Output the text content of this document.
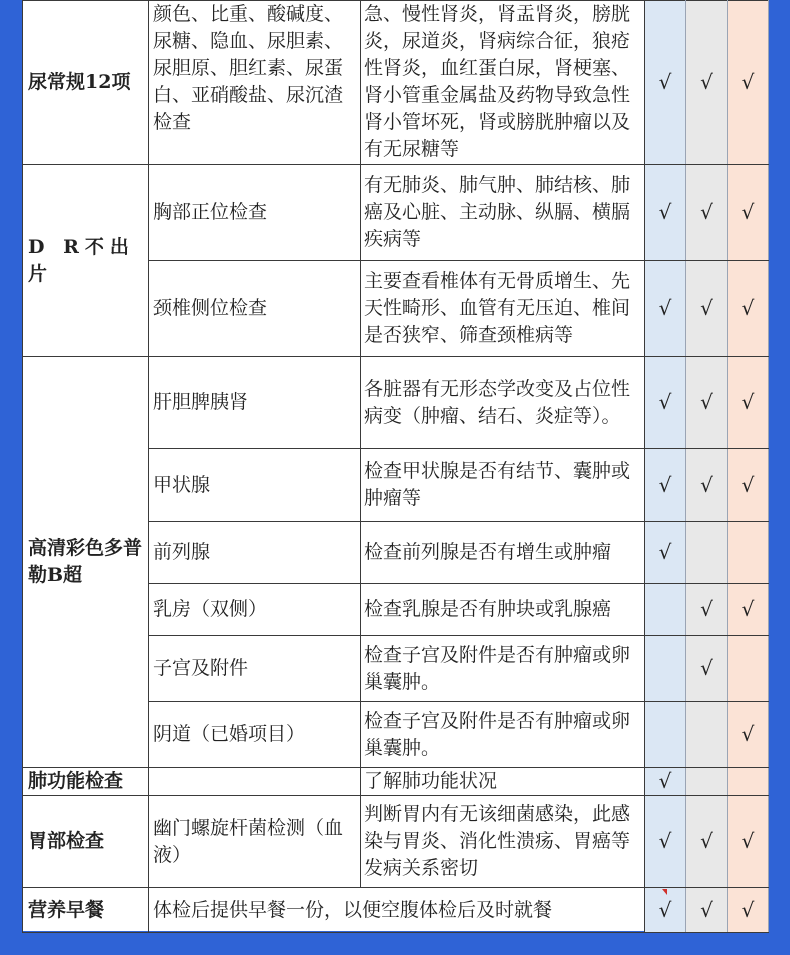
尿常规12项	颜色、比重、酸碱度、尿糖、隐血、尿胆素、尿胆原、胆红素、尿蛋白、亚硝酸盐、尿沉渣检查	急、慢性肾炎，肾盂肾炎，膀胱炎，尿道炎，肾病综合征，狼疮性肾炎，血红蛋白尿，肾梗塞、肾小管重金属盐及药物导致急性肾小管坏死，肾或膀胱肿瘤以及有无尿糖等	√	√	√
D R不出片	胸部正位检查	有无肺炎、肺气肿、肺结核、肺癌及心脏、主动脉、纵膈、横膈疾病等	√	√	√
	颈椎侧位检查	主要查看椎体有无骨质增生、先天性畸形、血管有无压迫、椎间是否狭窄、筛查颈椎病等	√	√	√
高清彩色多普勒B超	肝胆脾胰肾	各脏器有无形态学改变及占位性病变（肿瘤、结石、炎症等）。	√	√	√
	甲状腺	检查甲状腺是否有结节、囊肿或肿瘤等	√	√	√
	前列腺	检查前列腺是否有增生或肿瘤	√		
	乳房（双侧）	检查乳腺是否有肿块或乳腺癌		√	√
	子宫及附件	检查子宫及附件是否有肿瘤或卵巢囊肿。		√	
	阴道（已婚项目）	检查子宫及附件是否有肿瘤或卵巢囊肿。			√
肺功能检查		了解肺功能状况	√		
胃部检查	幽门螺旋杆菌检测（血液）	判断胃内有无该细菌感染，此感染与胃炎、消化性溃疡、胃癌等发病关系密切	√	√	√
营养早餐	体检后提供早餐一份，以便空腹体检后及时就餐		√	√	√
